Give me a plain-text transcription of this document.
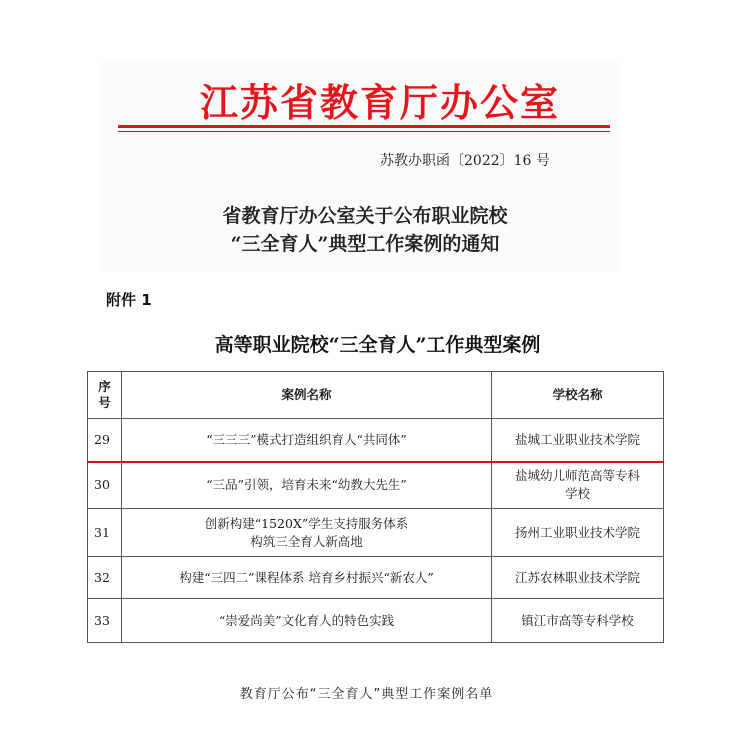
江苏省教育厅办公室
苏教办职函〔2022〕16 号
省教育厅办公室关于公布职业院校
“三全育人”典型工作案例的通知
附件 1
高等职业院校“三全育人”工作典型案例
序号	案例名称	学校名称
29	“三三三”模式打造组织育人“共同体”	盐城工业职业技术学院
30	“三品”引领，培育未来“幼教大先生”	盐城幼儿师范高等专科
学校

31	创新构建“1520X”学生支持服务体系
构筑三全育人新高地	扬州工业职业技术学院
32	构建“三四二”课程体系 培育乡村振兴“新农人”	江苏农林职业技术学院
33	“崇爱尚美”文化育人的特色实践	镇江市高等专科学校
教育厅公布“三全育人”典型工作案例名单
